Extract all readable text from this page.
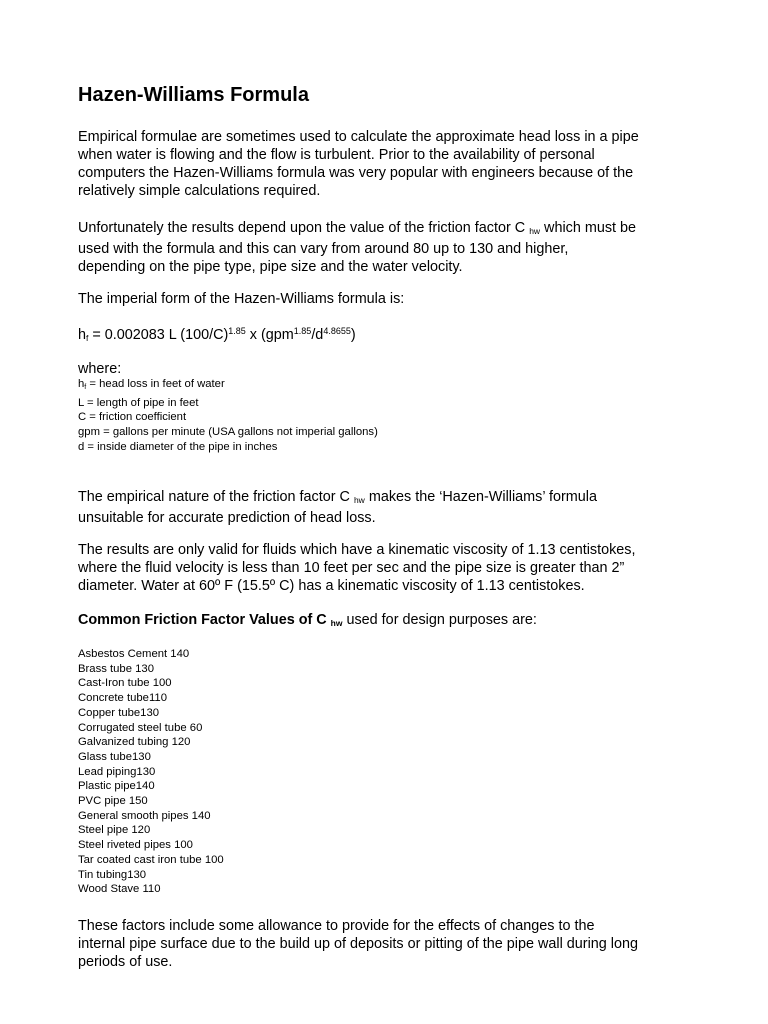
Hazen-Williams Formula

Empirical formulae are sometimes used to calculate the approximate head loss in a pipe
when water is flowing and the flow is turbulent. Prior to the availability of personal
computers the Hazen-Williams formula was very popular with engineers because of the
relatively simple calculations required.

Unfortunately the results depend upon the value of the friction factor C $_{hw}$ which must be
used with the formula and this can vary from around 80 up to 130 and higher,
depending on the pipe type, pipe size and the water velocity.

The imperial form of the Hazen-Williams formula is:

$h_f = 0.002083$ L $(100/C)^{1.85}$ x $(gpm^{1.85}/d^{4.8655})$
where:

$h_f$ = head loss in feet of water
L = length of pipe in feet
C = friction coefficient
gpm = gallons per minute (USA gallons not imperial gallons)
d = inside diameter of the pipe in inches

The empirical nature of the friction factor C $_{hw}$ makes the ‘Hazen-Williams’ formula
unsuitable for accurate prediction of head loss.

The results are only valid for fluids which have a kinematic viscosity of 1.13 centistokes,
where the fluid velocity is less than 10 feet per sec and the pipe size is greater than 2”
diameter. Water at 60º F (15.5º C) has a kinematic viscosity of 1.13 centistokes.

Common Friction Factor Values of C $_{hw}$ used for design purposes are:
Asbestos Cement 140
Brass tube 130
Cast-Iron tube 100
Concrete tube110
Copper tube130
Corrugated steel tube 60
Galvanized tubing 120
Glass tube130
Lead piping130
Plastic pipe140
PVC pipe 150
General smooth pipes 140
Steel pipe 120
Steel riveted pipes 100
Tar coated cast iron tube 100
Tin tubing130
Wood Stave 110

These factors include some allowance to provide for the effects of changes to the
internal pipe surface due to the build up of deposits or pitting of the pipe wall during long
periods of use.
